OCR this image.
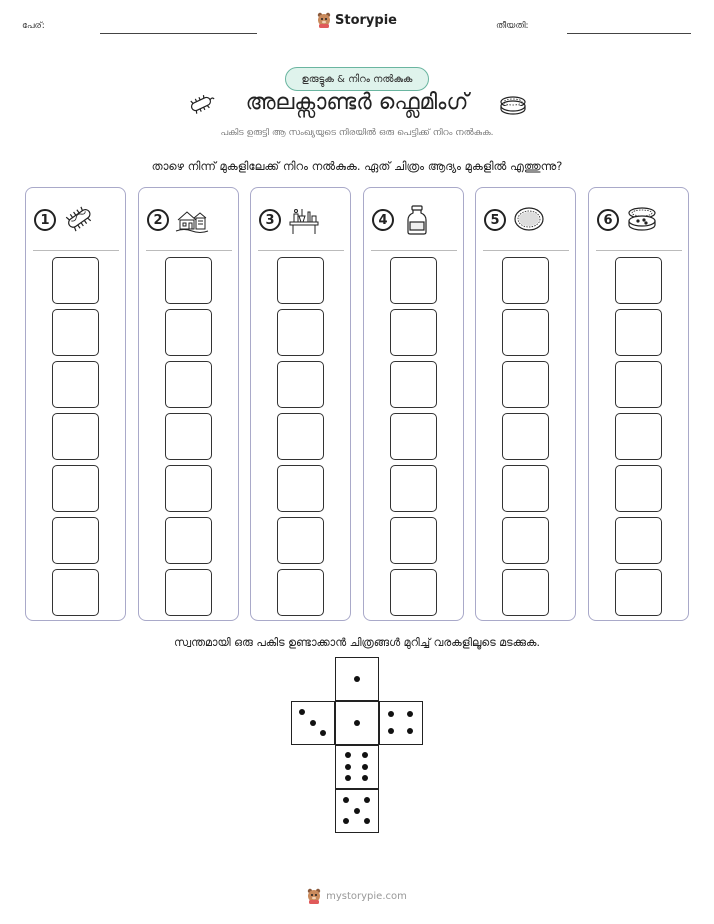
പേര്:	തീയതി:
Storypie
ഉരുട്ടുക & നിറം നൽകുക
അലക്സാണ്ടർ ഫ്ലെമിംഗ്
പകിട ഉരുട്ടി ആ സംഖ്യയുടെ നിരയിൽ ഒരു പെട്ടിക്ക് നിറം നൽകുക.
താഴെ നിന്ന് മുകളിലേക്ക് നിറം നൽകുക. ഏത് ചിത്രം ആദ്യം മുകളിൽ എത്തുന്നു?
1	2	3	4	5	6
സ്വന്തമായി ഒരു പകിട ഉണ്ടാക്കാൻ ചിത്രങ്ങൾ മുറിച്ച് വരകളിലൂടെ മടക്കുക.
mystorypie.com
